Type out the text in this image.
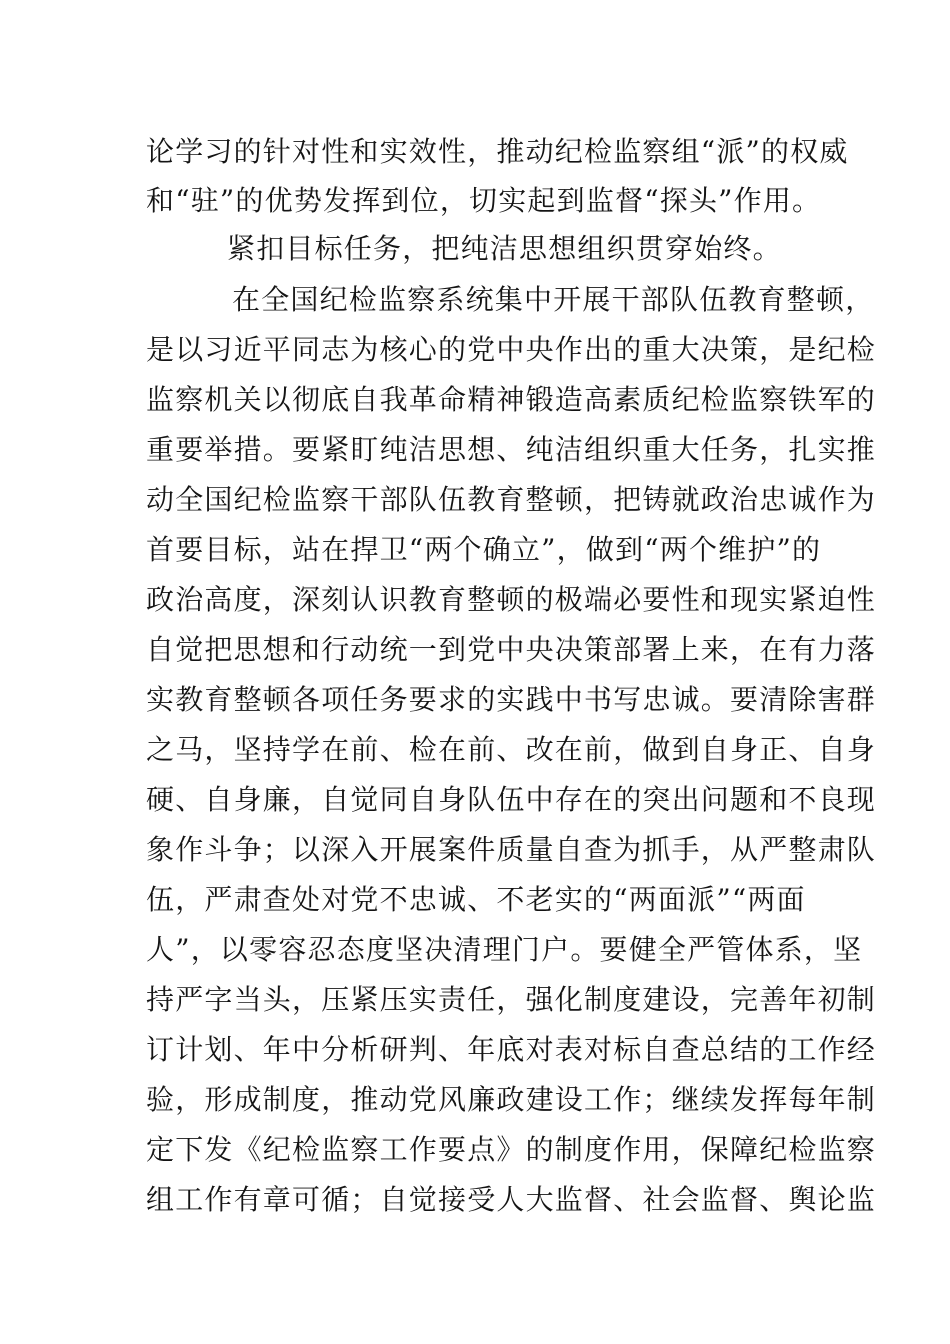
论学习的针对性和实效性，推动纪检监察组“派”的权威
和“驻”的优势发挥到位，切实起到监督“探头”作用。
紧扣目标任务，把纯洁思想组织贯穿始终。
在全国纪检监察系统集中开展干部队伍教育整顿，
是以习近平同志为核心的党中央作出的重大决策，是纪检
监察机关以彻底自我革命精神锻造高素质纪检监察铁军的
重要举措。要紧盯纯洁思想、纯洁组织重大任务，扎实推
动全国纪检监察干部队伍教育整顿，把铸就政治忠诚作为
首要目标，站在捍卫“两个确立”，做到“两个维护”的
政治高度，深刻认识教育整顿的极端必要性和现实紧迫性
自觉把思想和行动统一到党中央决策部署上来，在有力落
实教育整顿各项任务要求的实践中书写忠诚。要清除害群
之马，坚持学在前、检在前、改在前，做到自身正、自身
硬、自身廉，自觉同自身队伍中存在的突出问题和不良现
象作斗争；以深入开展案件质量自查为抓手，从严整肃队
伍，严肃查处对党不忠诚、不老实的“两面派”“两面
人”，以零容忍态度坚决清理门户。要健全严管体系，坚
持严字当头，压紧压实责任，强化制度建设，完善年初制
订计划、年中分析研判、年底对表对标自查总结的工作经
验，形成制度，推动党风廉政建设工作；继续发挥每年制
定下发《纪检监察工作要点》的制度作用，保障纪检监察
组工作有章可循；自觉接受人大监督、社会监督、舆论监
